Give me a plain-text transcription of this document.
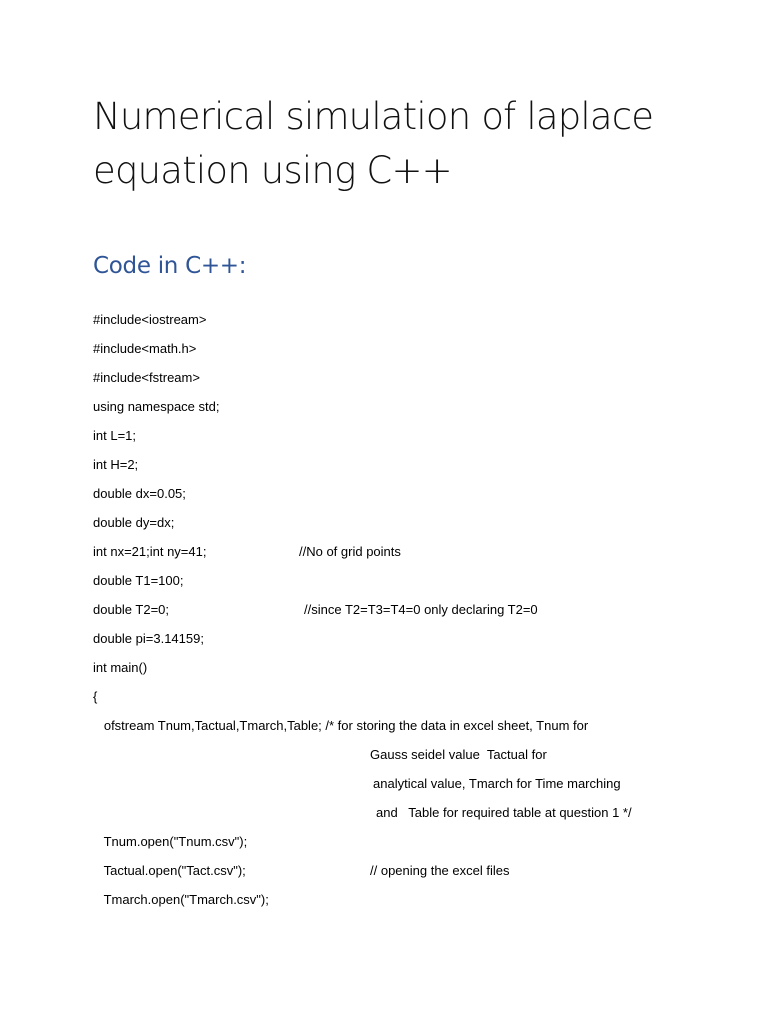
Numerical simulation of laplace equation using C++
Code in C++:

#include<iostream>

#include<math.h>

#include<fstream>

using namespace std;

int L=1;

int H=2;

double dx=0.05;

double dy=dx;

int nx=21;int ny=41;

	//No of grid points

double T1=100;

double T2=0;

	//since T2=T3=T4=0 only declaring T2=0

double pi=3.14159;

int main()

{

ofstream Tnum,Tactual,Tmarch,Table; /* for storing the data in excel sheet, Tnum for

Gauss seidel value  Tactual for

analytical value, Tmarch for Time marching

and   Table for required table at question 1 */

Tnum.open("Tnum.csv");

Tactual.open("Tact.csv");

	// opening the excel files

Tmarch.open("Tmarch.csv");
